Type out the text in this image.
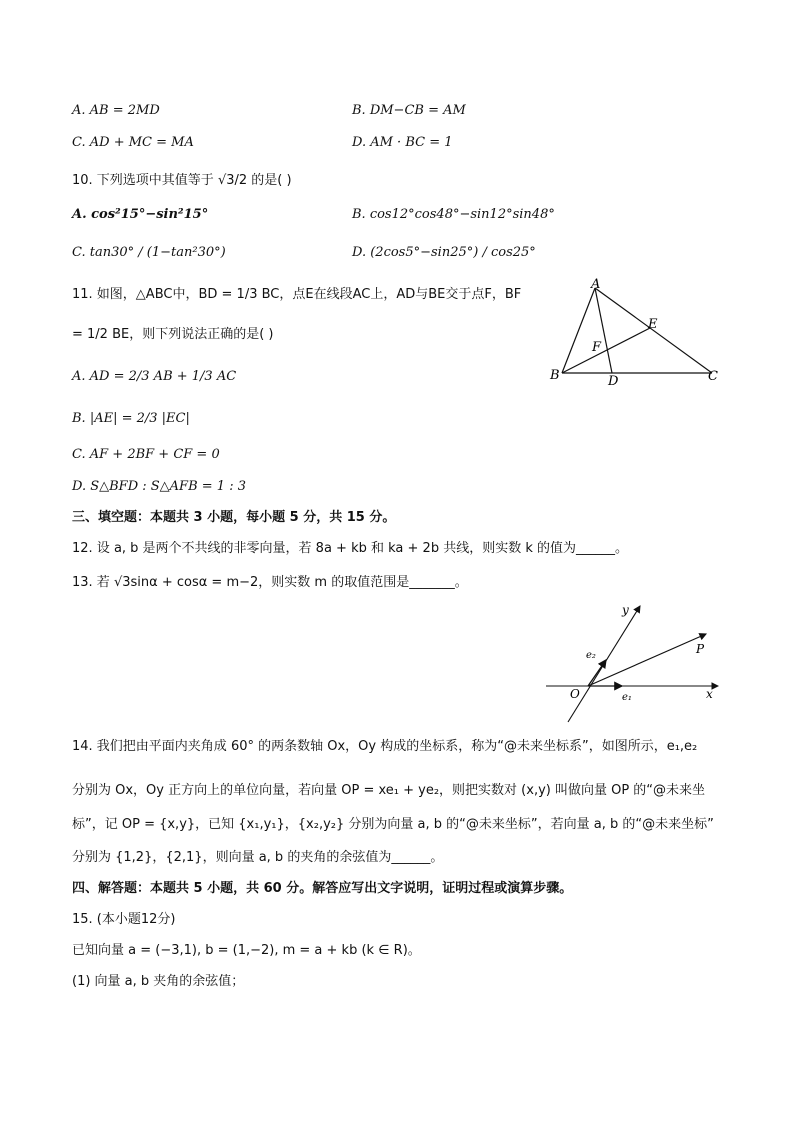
A. AB = 2MD	B. DM−CB = AM
C. AD + MC = MA	D. AM · BC = 1
10. 下列选项中其值等于 √3/2 的是( )
A. cos²15°−sin²15°	B. cos12°cos48°−sin12°sin48°
C. tan30° / (1−tan²30°)	D. (2cos5°−sin25°) / cos25°
11. 如图，△ABC中，BD = 1/3 BC，点E在线段AC上，AD与BE交于点F，BF
= 1/2 BE，则下列说法正确的是( )
A. AD = 2/3 AB + 1/3 AC
B. |AE| = 2/3 |EC|
C. AF + 2BF + CF = 0
D. S△BFD : S△AFB = 1 : 3
A
B	C
D
E
F
三、填空题：本题共 3 小题，每小题 5 分，共 15 分。
12. 设 a, b 是两个不共线的非零向量，若 8a + kb 和 ka + 2b 共线，则实数 k 的值为______。
13. 若 √3sinα + cosα = m−2，则实数 m 的取值范围是_______。
y
x
O
P
e₂
e₁
14. 我们把由平面内夹角成 60° 的两条数轴 Ox，Oy 构成的坐标系，称为“@未来坐标系”，如图所示，e₁,e₂
分别为 Ox，Oy 正方向上的单位向量，若向量 OP = xe₁ + ye₂，则把实数对 (x,y) 叫做向量 OP 的“@未来坐
标”，记 OP = {x,y}，已知 {x₁,y₁}，{x₂,y₂} 分别为向量 a, b 的“@未来坐标”，若向量 a, b 的“@未来坐标”
分别为 {1,2}，{2,1}，则向量 a, b 的夹角的余弦值为______。
四、解答题：本题共 5 小题，共 60 分。解答应写出文字说明，证明过程或演算步骤。
15. (本小题12分)
已知向量 a = (−3,1), b = (1,−2), m = a + kb (k ∈ R)。
(1) 向量 a, b 夹角的余弦值；
